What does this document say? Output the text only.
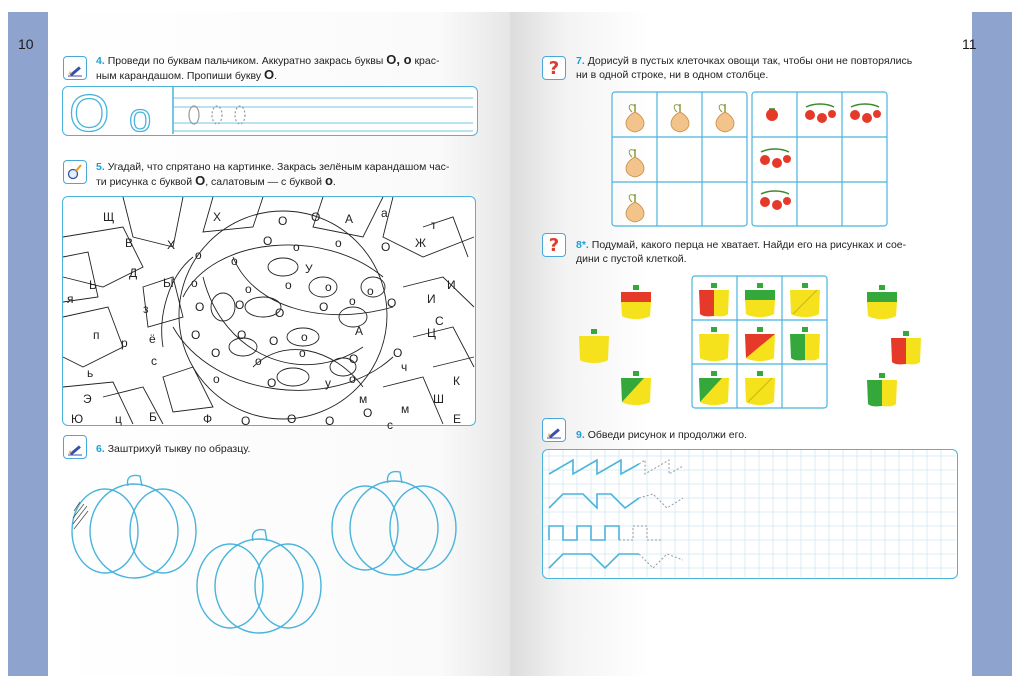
10	11
4. Проведи по буквам пальчиком. Аккуратно закрась буквы О, о крас-
ным карандашом. Пропиши букву О.
О о
5. Угадай, что спрятано на картинке. Закрась зелёным карандашом час-
ти рисунка с буквой О, салатовым — с буквой о.
Щ	Х	О О А а
т
В	Х	О о	о	О Ж
Д
о о
Ы
У
Ь	о	о	о	о	о	И
я
з	О	О
О	О о	О	И
п	ё	О	О О о	А	Ц
р
с
О
о
о	О	О
ь	о
ч
К
о	О	у
м
Ю	ц Б	Ф О	О О
О м
с	Е
Ш
Э
С
6. Заштрихуй тыкву по образцу.
? 7. Дорисуй в пустых клеточках овощи так, чтобы они не повторялись
ни в одной строке, ни в одном столбце.
? 8*. Подумай, какого перца не хватает. Найди его на рисунках и сое-
дини с пустой клеткой.
9. Обведи рисунок и продолжи его.
